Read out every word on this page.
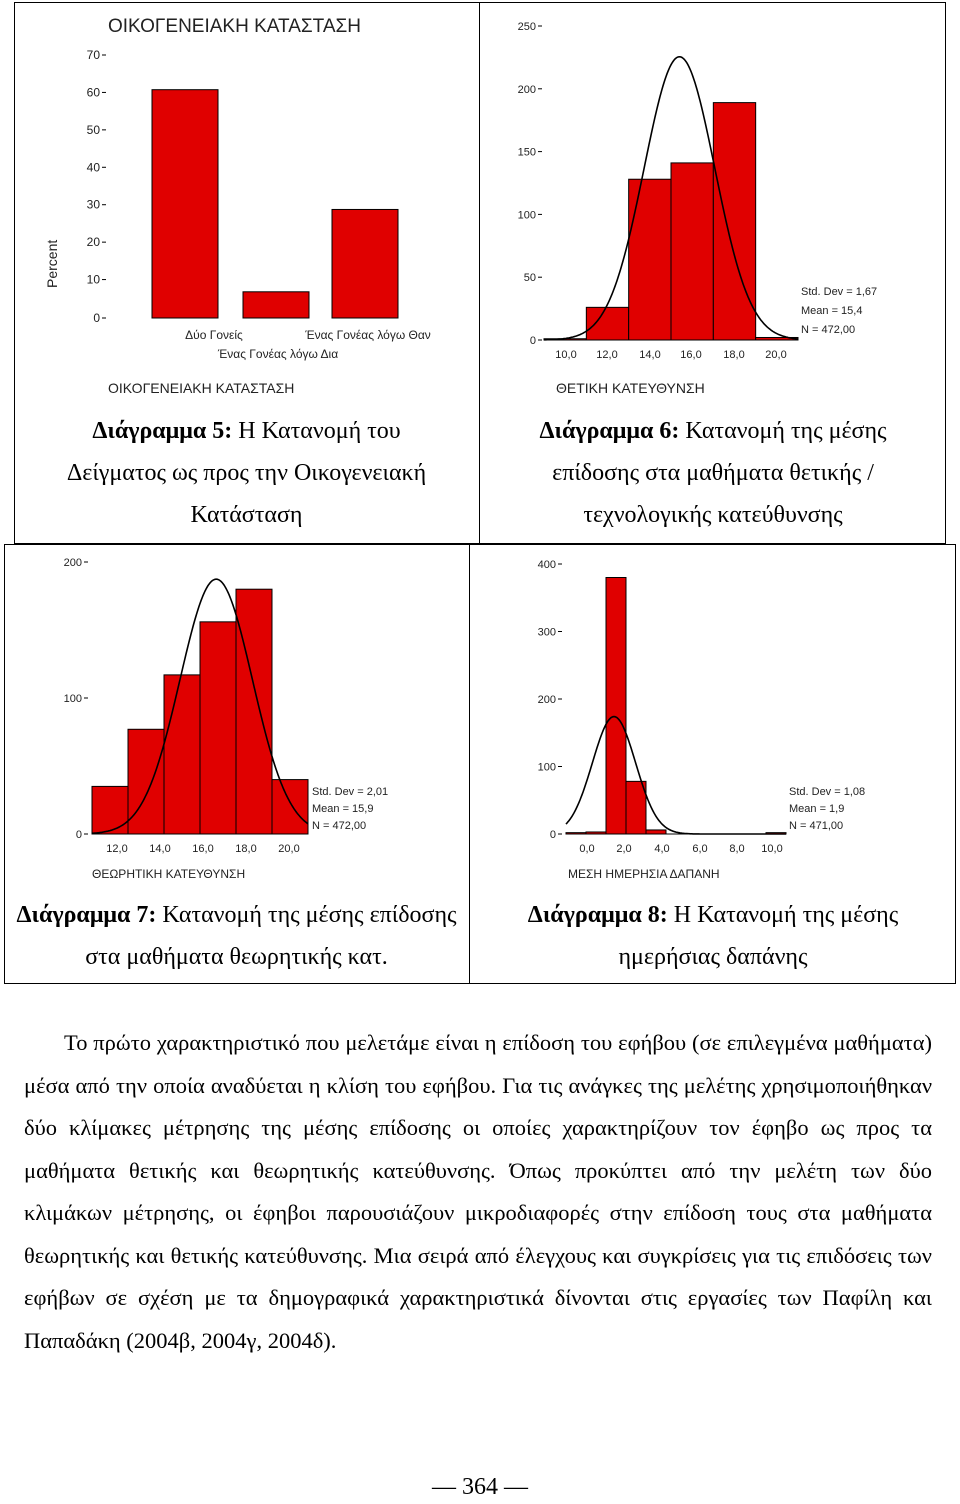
0
10
20
30
40
50
60
70
Δύο Γονείς	Ένας Γονέας λόγω Θαν
Ένας Γονέας λόγω Δια
ΟΙΚΟΓΕΝΕΙΑΚΗ ΚΑΤΑΣΤΑΣΗ
Percent
ΟΙΚΟΓΕΝΕΙΑΚΗ ΚΑΤΑΣΤΑΣΗ
Διάγραμμα 5: Η Κατανομή του Δείγματος ως προς την Οικογενειακή Κατάσταση
0
50
100
150
200
250
10,0 12,0 14,0 16,0 18,0 20,0
ΘΕΤΙΚΗ ΚΑΤΕΥΘΥΝΣΗ
Std. Dev = 1,67
Mean = 15,4
N = 472,00
Διάγραμμα 6: Κατανομή της μέσης επίδοσης στα μαθήματα θετικής / τεχνολογικής κατεύθυνσης
0
100
200
12,0 14,0 16,0 18,0 20,0
ΘΕΩΡΗΤΙΚΗ ΚΑΤΕΥΘΥΝΣΗ
Std. Dev = 2,01
Mean = 15,9
N = 472,00
Διάγραμμα 7: Κατανομή της μέσης επίδοσης στα μαθήματα θεωρητικής κατ.
0
100
200
300
400
0,0 2,0 4,0 6,0 8,0 10,0
ΜΕΣΗ ΗΜΕΡΗΣΙΑ ΔΑΠΑΝΗ
Std. Dev = 1,08
Mean = 1,9
N = 471,00
Διάγραμμα 8: Η Κατανομή της μέσης ημερήσιας δαπάνης
Το πρώτο χαρακτηριστικό που μελετάμε είναι η επίδοση του εφήβου (σε επιλεγμένα μαθήματα) μέσα από την οποία αναδύεται η κλίση του εφήβου. Για τις ανάγκες της μελέτης χρησιμοποιήθηκαν δύο κλίμακες μέτρησης της μέσης επίδοσης οι οποίες χαρακτηρίζουν τον έφηβο ως προς τα μαθήματα θετικής και θεωρητικής κατεύθυνσης. Όπως προκύπτει από την μελέτη των δύο κλιμάκων μέτρησης, οι έφηβοι παρουσιάζουν μικροδιαφορές στην επίδοση τους στα μαθήματα θεωρητικής και θετικής κατεύθυνσης. Μια σειρά από έλεγχους και συγκρίσεις για τις επιδόσεις των εφήβων σε σχέση με τα δημογραφικά χαρακτηριστικά δίνονται στις εργασίες των Παφίλη και Παπαδάκη (2004β, 2004γ, 2004δ).
— 364 —
